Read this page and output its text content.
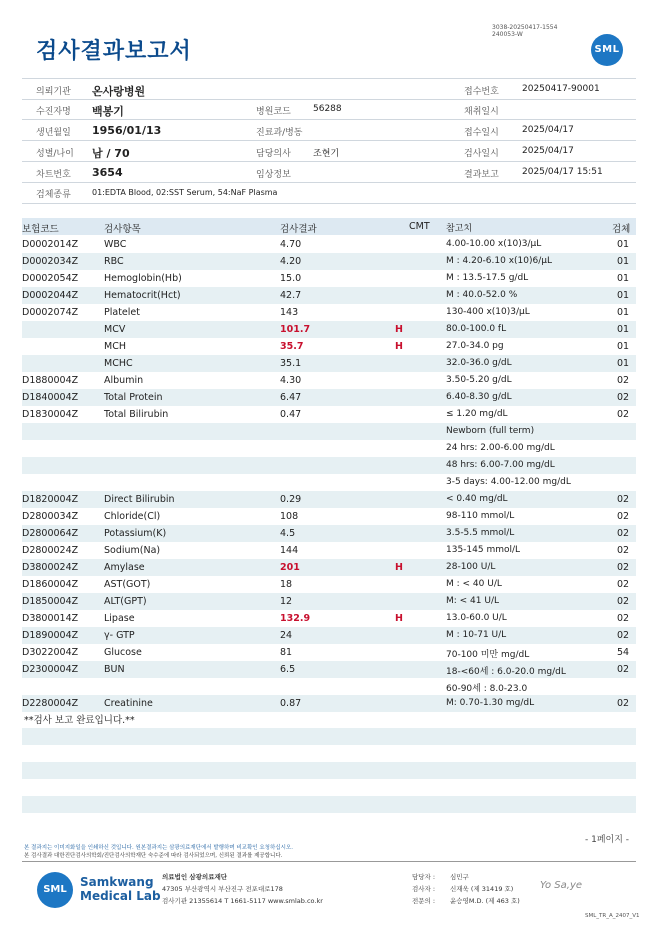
검사결과보고서
3038-20250417-1554
240053-W
SML
의뢰기관 온사랑병원	접수번호	20250417-90001
수진자명 백봉기	병원코드 56288	채취일시
생년월일 1956/01/13	진료과/병동	접수일시	2025/04/17
성별/나이 남 / 70	담당의사 조현기	검사일시	2025/04/17
차트번호 3654	임상정보	결과보고	2025/04/17 15:51
검체종류	01:EDTA Blood, 02:SST Serum, 54:NaF Plasma
보험코드	검사항목	검사결과	CMT 참고치	검체
D0002014Z	WBC	4.70	4.00-10.00 x(10)3/μL	01
D0002034Z	RBC	4.20	M : 4.20-6.10 x(10)6/μL	01
D0002054Z	Hemoglobin(Hb)	15.0	M : 13.5-17.5 g/dL	01
D0002044Z	Hematocrit(Hct)	42.7	M : 40.0-52.0 %	01
D0002074Z	Platelet	143	130-400 x(10)3/μL	01
MCV	101.7	H	80.0-100.0 fL	01
MCH	35.7	H	27.0-34.0 pg	01
MCHC	35.1	32.0-36.0 g/dL	01
D1880004Z	Albumin	4.30	3.50-5.20 g/dL	02
D1840004Z	Total Protein	6.47	6.40-8.30 g/dL	02
D1830004Z	Total Bilirubin	0.47	≤ 1.20 mg/dL	02
Newborn (full term)
24 hrs: 2.00-6.00 mg/dL
48 hrs: 6.00-7.00 mg/dL
3-5 days: 4.00-12.00 mg/dL
D1820004Z	Direct Bilirubin	0.29	< 0.40 mg/dL	02
D2800034Z	Chloride(Cl)	108	98-110 mmol/L	02
D2800064Z	Potassium(K)	4.5	3.5-5.5 mmol/L	02
D2800024Z	Sodium(Na)	144	135-145 mmol/L	02
D3800024Z	Amylase	201	H	28-100 U/L	02
D1860004Z	AST(GOT)	18	M : < 40 U/L	02
D1850004Z	ALT(GPT)	12	M: < 41 U/L	02
D3800014Z	Lipase	132.9	H	13.0-60.0 U/L	02
D1890004Z	γ- GTP	24	M : 10-71 U/L	02
D3022004Z	Glucose	81	70-100 미만 mg/dL	54
D2300004Z	BUN	6.5	18-<60세 : 6.0-20.0 mg/dL	02
60-90세 : 8.0-23.0
D2280004Z	Creatinine	0.87	M: 0.70-1.30 mg/dL	02
**검사 보고 완료입니다.**
- 1페이지 -
본 결과지는 이미지화일을 인쇄하신 것입니다. 원본결과지는 삼광의료재단에서 발행하며 비교확인 요청하십시오.
본 검사결과 대한진단검사의학회/진단검사의학재단 숙수준에 따라 검사되었으며, 신뢰된 결과를 제공합니다.
SML
Samkwang
Medical Lab
의료법인 삼광의료재단
47305 부산광역시 부산진구 전포대로178
검사기관 21355614 T 1661-5117 www.smlab.co.kr
담당자 : 심민구
검사자 : 신재욱 (제 31419 호)
전문의 : 윤승영M.D. (제 463 호)
Yo Sa,ye
SML_TR_A_2407_V1
